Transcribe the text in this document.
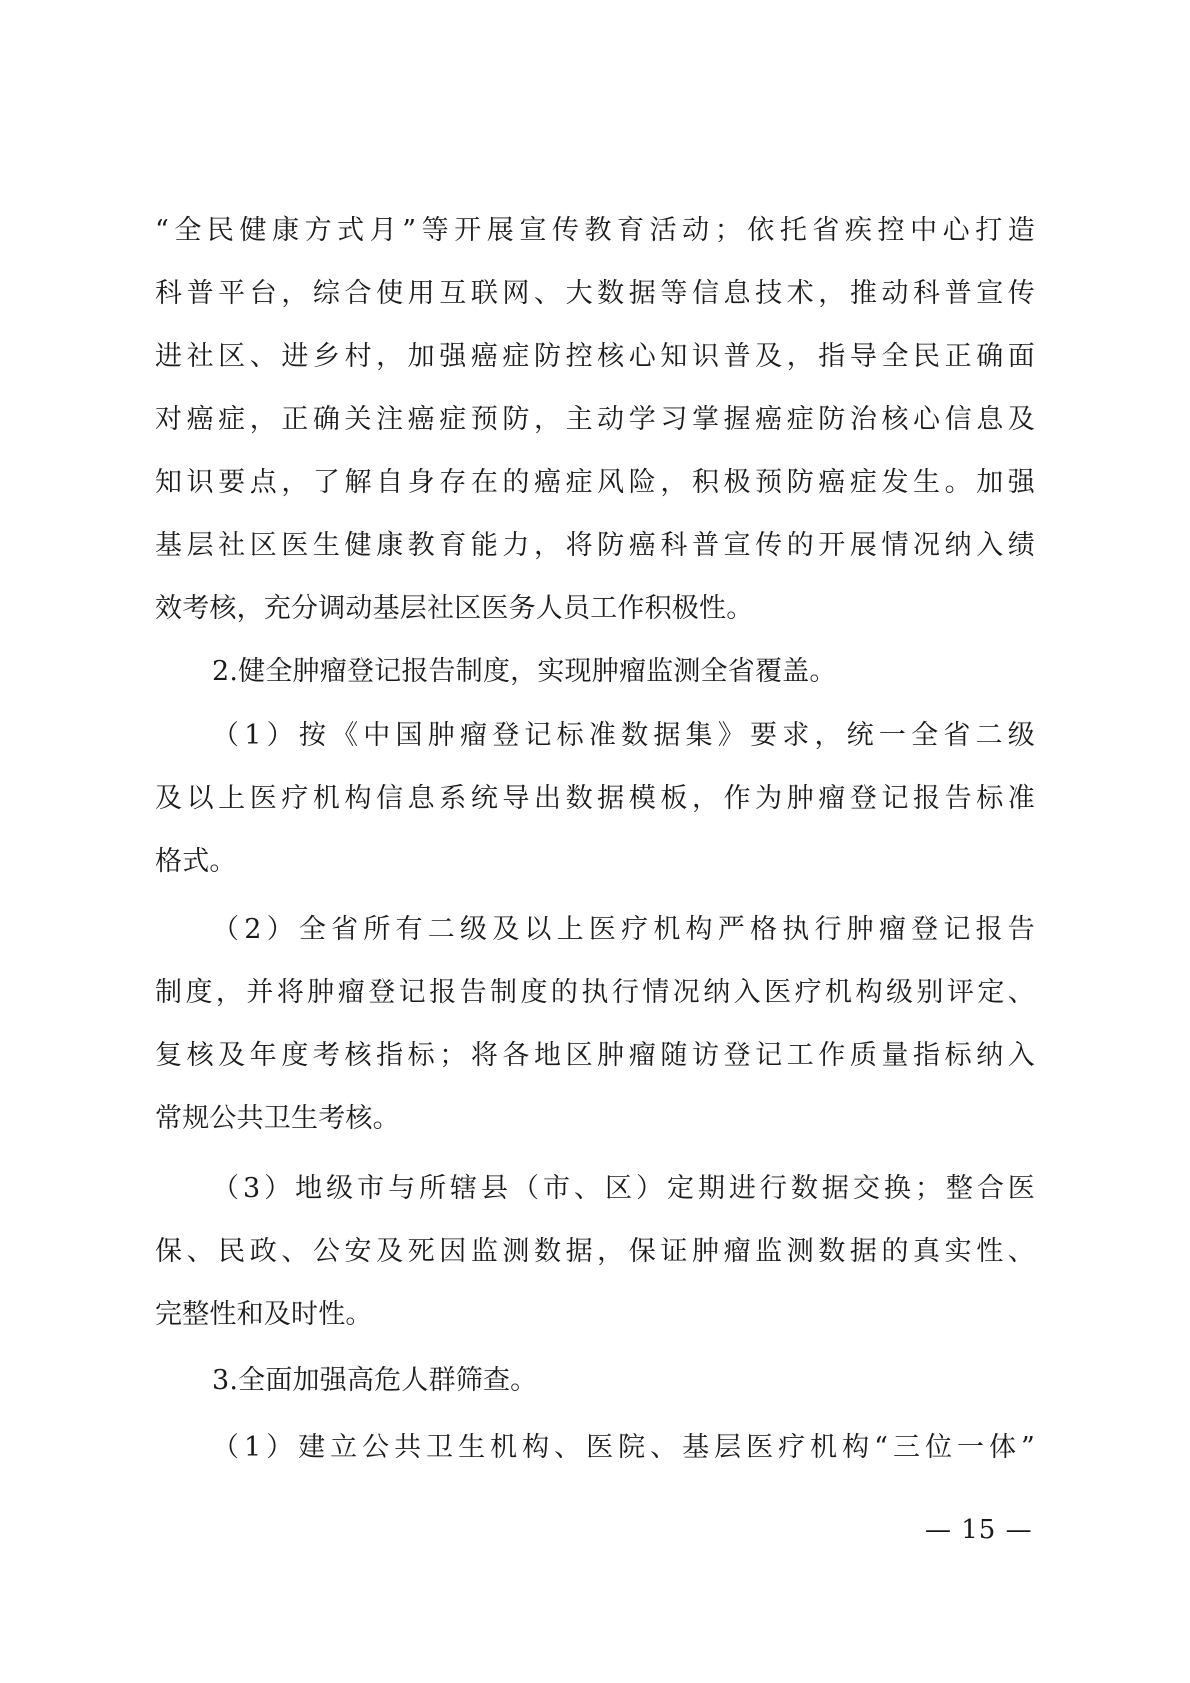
“全民健康方式月”等开展宣传教育活动；依托省疾控中心打造
科普平台，综合使用互联网、大数据等信息技术，推动科普宣传
进社区、进乡村，加强癌症防控核心知识普及，指导全民正确面
对癌症，正确关注癌症预防，主动学习掌握癌症防治核心信息及
知识要点，了解自身存在的癌症风险，积极预防癌症发生。加强
基层社区医生健康教育能力，将防癌科普宣传的开展情况纳入绩
效考核，充分调动基层社区医务人员工作积极性。
2.健全肿瘤登记报告制度，实现肿瘤监测全省覆盖。
（1）按《中国肿瘤登记标准数据集》要求，统一全省二级
及以上医疗机构信息系统导出数据模板，作为肿瘤登记报告标准
格式。
（2）全省所有二级及以上医疗机构严格执行肿瘤登记报告
制度，并将肿瘤登记报告制度的执行情况纳入医疗机构级别评定、
复核及年度考核指标；将各地区肿瘤随访登记工作质量指标纳入
常规公共卫生考核。
（3）地级市与所辖县（市、区）定期进行数据交换；整合医
保、民政、公安及死因监测数据，保证肿瘤监测数据的真实性、
完整性和及时性。
3.全面加强高危人群筛查。
（1）建立公共卫生机构、医院、基层医疗机构“三位一体”
— 15 —
